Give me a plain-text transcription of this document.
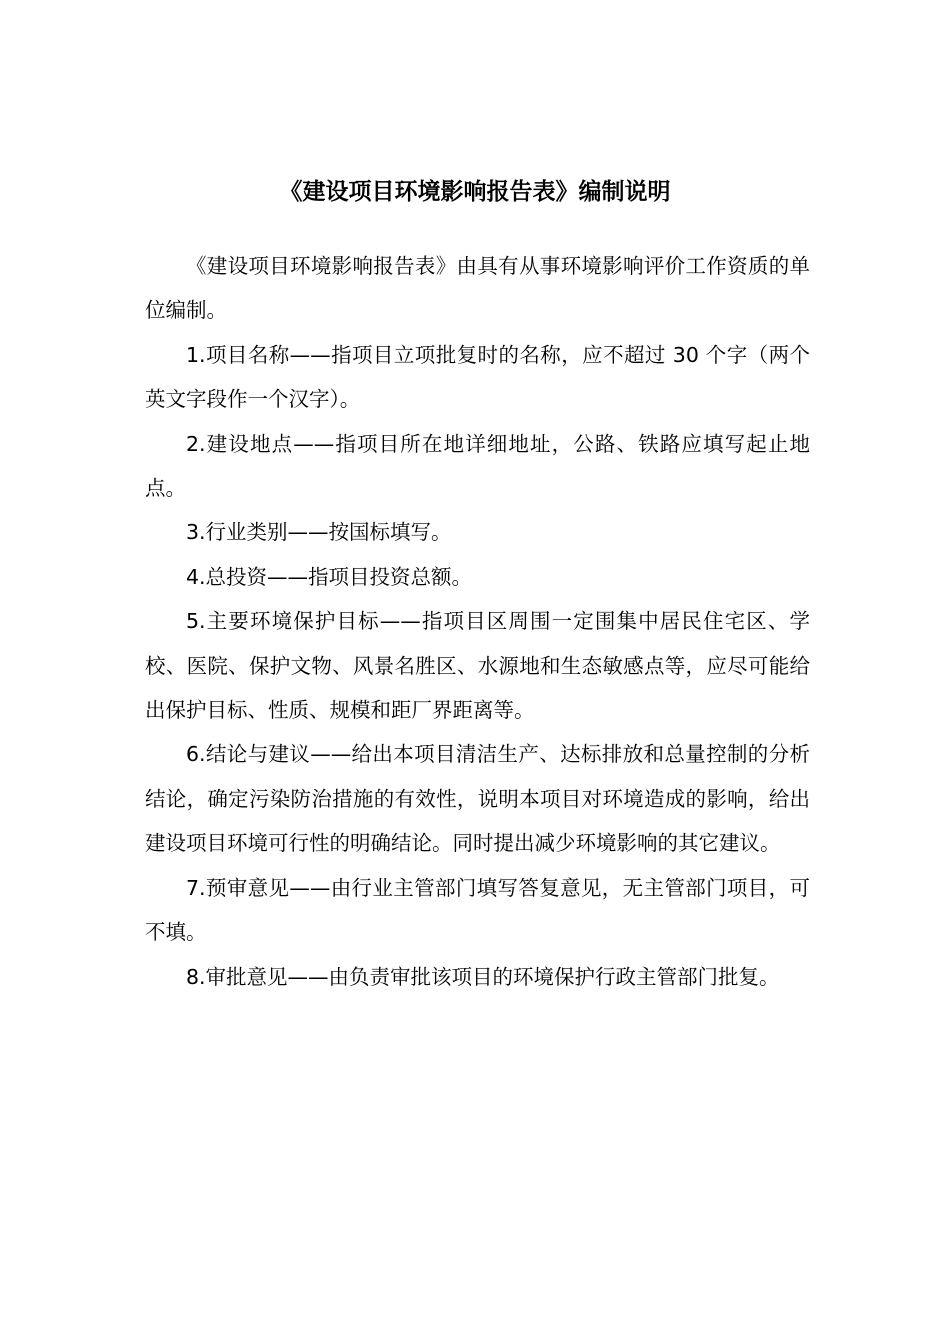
《建设项目环境影响报告表》编制说明

《建设项目环境影响报告表》由具有从事环境影响评价工作资质的单位编制。

1.项目名称——指项目立项批复时的名称，应不超过 30 个字（两个英文字段作一个汉字）。

2.建设地点——指项目所在地详细地址，公路、铁路应填写起止地点。

3.行业类别——按国标填写。

4.总投资——指项目投资总额。

5.主要环境保护目标——指项目区周围一定围集中居民住宅区、学校、医院、保护文物、风景名胜区、水源地和生态敏感点等，应尽可能给出保护目标、性质、规模和距厂界距离等。

6.结论与建议——给出本项目清洁生产、达标排放和总量控制的分析结论，确定污染防治措施的有效性，说明本项目对环境造成的影响，给出建设项目环境可行性的明确结论。同时提出减少环境影响的其它建议。

7.预审意见——由行业主管部门填写答复意见，无主管部门项目，可不填。

8.审批意见——由负责审批该项目的环境保护行政主管部门批复。
